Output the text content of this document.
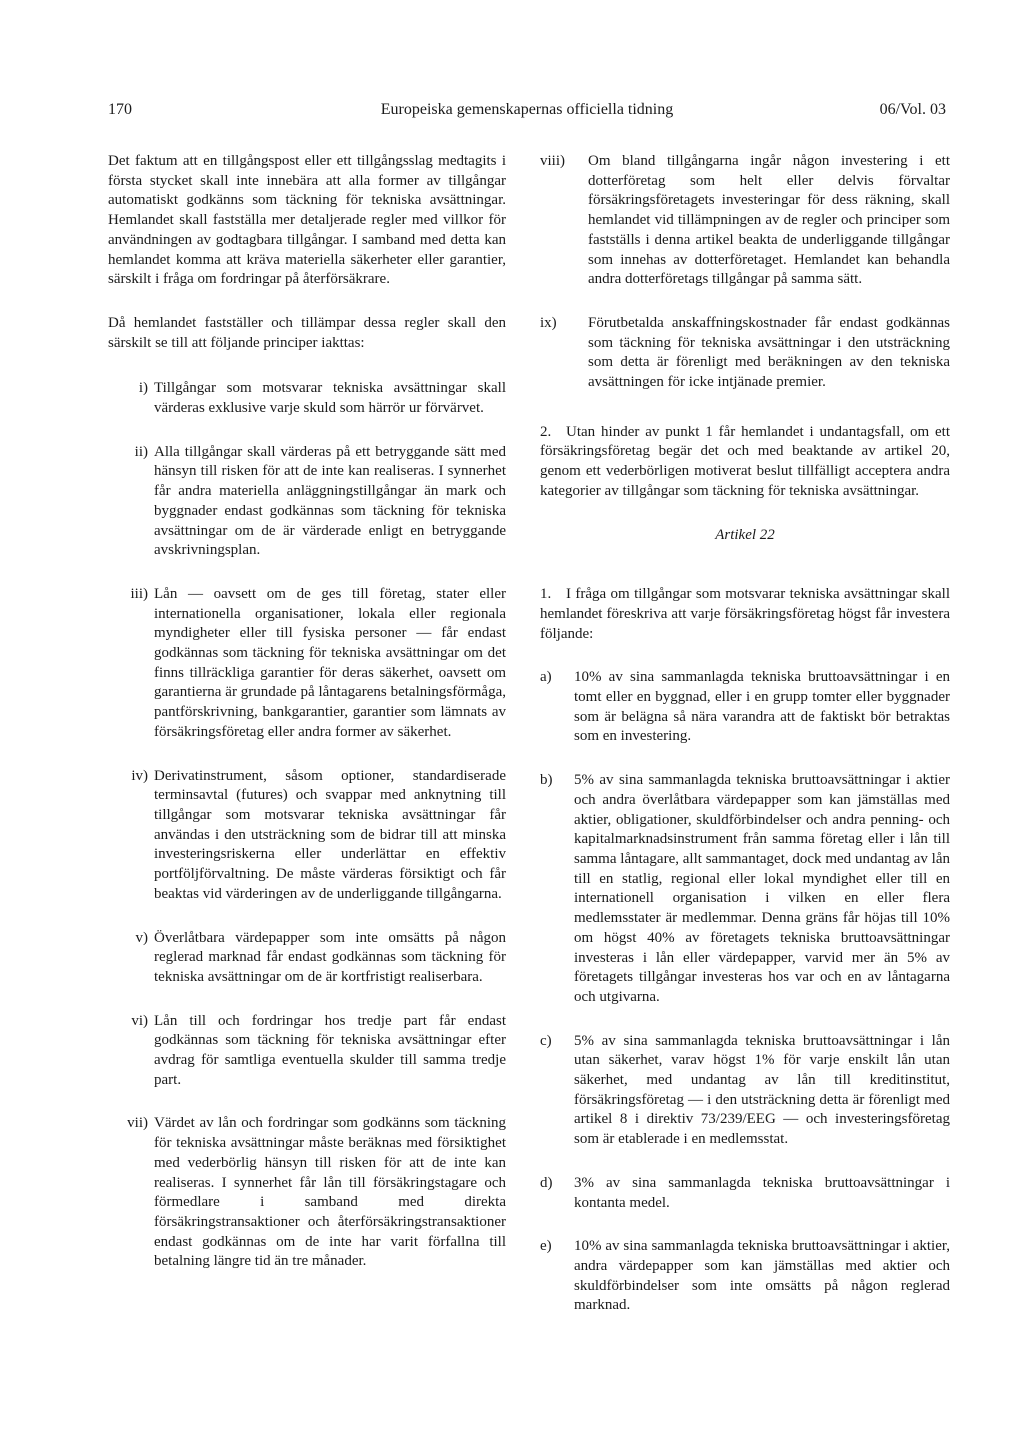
170	Europeiska gemenskapernas officiella tidning	06/Vol. 03

Det faktum att en tillgångspost eller ett tillgångsslag medtagits i första stycket skall inte innebära att alla former av tillgångar automatiskt godkänns som täckning för tekniska avsättningar. Hemlandet skall fastställa mer detaljerade regler med villkor för användningen av godtagbara tillgångar. I samband med detta kan hemlandet komma att kräva materiella säkerheter eller garantier, särskilt i fråga om fordringar på återförsäkrare.

Då hemlandet fastställer och tillämpar dessa regler skall den särskilt se till att följande principer iakttas:

i) Tillgångar som motsvarar tekniska avsättningar skall värderas exklusive varje skuld som härrör ur förvärvet.
ii) Alla tillgångar skall värderas på ett betryggande sätt med hänsyn till risken för att de inte kan realiseras. I synnerhet får andra materiella anläggningstillgångar än mark och byggnader endast godkännas som täckning för tekniska avsättningar om de är värderade enligt en betryggande avskrivningsplan.
iii) Lån — oavsett om de ges till företag, stater eller internationella organisationer, lokala eller regionala myndigheter eller till fysiska personer — får endast godkännas som täckning för tekniska avsättningar om det finns tillräckliga garantier för deras säkerhet, oavsett om garantierna är grundade på låntagarens betalningsförmåga, pantförskrivning, bankgarantier, garantier som lämnats av försäkringsföretag eller andra former av säkerhet.
iv) Derivatinstrument, såsom optioner, standardiserade terminsavtal (futures) och svappar med anknytning till tillgångar som motsvarar tekniska avsättningar får användas i den utsträckning som de bidrar till att minska investeringsriskerna eller underlättar en effektiv portföljförvaltning. De måste värderas försiktigt och får beaktas vid värderingen av de underliggande tillgångarna.
v) Överlåtbara värdepapper som inte omsätts på någon reglerad marknad får endast godkännas som täckning för tekniska avsättningar om de är kortfristigt realiserbara.
vi) Lån till och fordringar hos tredje part får endast godkännas som täckning för tekniska avsättningar efter avdrag för samtliga eventuella skulder till samma tredje part.
vii) Värdet av lån och fordringar som godkänns som täckning för tekniska avsättningar måste beräknas med försiktighet med vederbörlig hänsyn till risken för att de inte kan realiseras. I synnerhet får lån till försäkringstagare och förmedlare i samband med direkta försäkringstransaktioner och återförsäkringstransaktioner endast godkännas om de inte har varit förfallna till betalning längre tid än tre månader.
viii)	Om bland tillgångarna ingår någon investering i ett dotterföretag som helt eller delvis förvaltar försäkringsföretagets investeringar för dess räkning, skall hemlandet vid tillämpningen av de regler och principer som fastställs i denna artikel beakta de underliggande tillgångar som innehas av dotterföretaget. Hemlandet kan behandla andra dotterföretags tillgångar på samma sätt.
ix)	Förutbetalda anskaffningskostnader får endast godkännas som täckning för tekniska avsättningar i den utsträckning som detta är förenligt med beräkningen av den tekniska avsättningen för icke intjänade premier.

2. Utan hinder av punkt 1 får hemlandet i undantagsfall, om ett försäkringsföretag begär det och med beaktande av artikel 20, genom ett vederbörligen motiverat beslut tillfälligt acceptera andra kategorier av tillgångar som täckning för tekniska avsättningar.

Artikel 22

1. I fråga om tillgångar som motsvarar tekniska avsättningar skall hemlandet föreskriva att varje försäkringsföretag högst får investera följande:

a)	10% av sina sammanlagda tekniska bruttoavsättningar i en tomt eller en byggnad, eller i en grupp tomter eller byggnader som är belägna så nära varandra att de faktiskt bör betraktas som en investering.
b)	5% av sina sammanlagda tekniska bruttoavsättningar i aktier och andra överlåtbara värdepapper som kan jämställas med aktier, obligationer, skuldförbindelser och andra penning- och kapitalmarknadsinstrument från samma företag eller i lån till samma låntagare, allt sammantaget, dock med undantag av lån till en statlig, regional eller lokal myndighet eller till en internationell organisation i vilken en eller flera medlemsstater är medlemmar. Denna gräns får höjas till 10% om högst 40% av företagets tekniska bruttoavsättningar investeras i lån eller värdepapper, varvid mer än 5% av företagets tillgångar investeras hos var och en av låntagarna och utgivarna.
c)	5% av sina sammanlagda tekniska bruttoavsättningar i lån utan säkerhet, varav högst 1% för varje enskilt lån utan säkerhet, med undantag av lån till kreditinstitut, försäkringsföretag — i den utsträckning detta är förenligt med artikel 8 i direktiv 73/239/EEG — och investeringsföretag som är etablerade i en medlemsstat.
d)	3% av sina sammanlagda tekniska bruttoavsättningar i kontanta medel.
e)	10% av sina sammanlagda tekniska bruttoavsättningar i aktier, andra värdepapper som kan jämställas med aktier och skuldförbindelser som inte omsätts på någon reglerad marknad.
